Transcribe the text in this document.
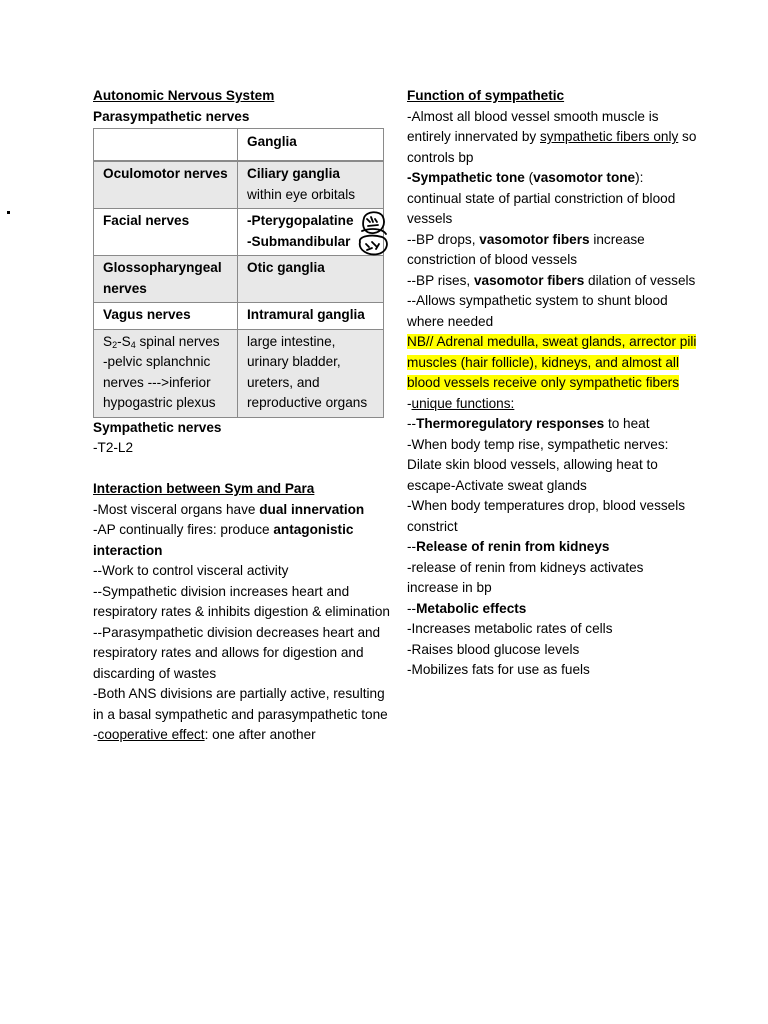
Autonomic Nervous System

Parasympathetic nerves

	Ganglia
Oculomotor nerves	Ciliary ganglia within eye orbitals
Facial nerves	-Pterygopalatine
-Submandibular

Glossopharyngeal nerves	Otic ganglia
Vagus nerves	Intramural ganglia
$S_2-S_4$ spinal nerves
-pelvic splanchnic nerves --->inferior hypogastric plexus	large intestine, urinary bladder, ureters, and reproductive organs

Sympathetic nerves

-T2-L2

Interaction between Sym and Para

-Most visceral organs have dual innervation

-AP continually fires: produce antagonistic interaction

--Work to control visceral activity

--Sympathetic division increases heart and respiratory rates & inhibits digestion & elimination

--Parasympathetic division decreases heart and respiratory rates and allows for digestion and discarding of wastes

-Both ANS divisions are partially active, resulting in a basal sympathetic and parasympathetic tone

-cooperative effect: one after another

Function of sympathetic

-Almost all blood vessel smooth muscle is entirely innervated by sympathetic fibers only so controls bp

-Sympathetic tone (vasomotor tone): continual state of partial constriction of blood vessels

--BP drops, vasomotor fibers increase constriction of blood vessels

--BP rises, vasomotor fibers dilation of vessels

--Allows sympathetic system to shunt blood where needed

NB// Adrenal medulla, sweat glands, arrector pili muscles (hair follicle), kidneys, and almost all blood vessels receive only sympathetic fibers

-unique functions:

--Thermoregulatory responses to heat

-When body temp rise, sympathetic nerves: Dilate skin blood vessels, allowing heat to escape-Activate sweat glands

-When body temperatures drop, blood vessels constrict

--Release of renin from kidneys

-release of renin from kidneys activates increase in bp

--Metabolic effects

-Increases metabolic rates of cells

-Raises blood glucose levels

-Mobilizes fats for use as fuels
